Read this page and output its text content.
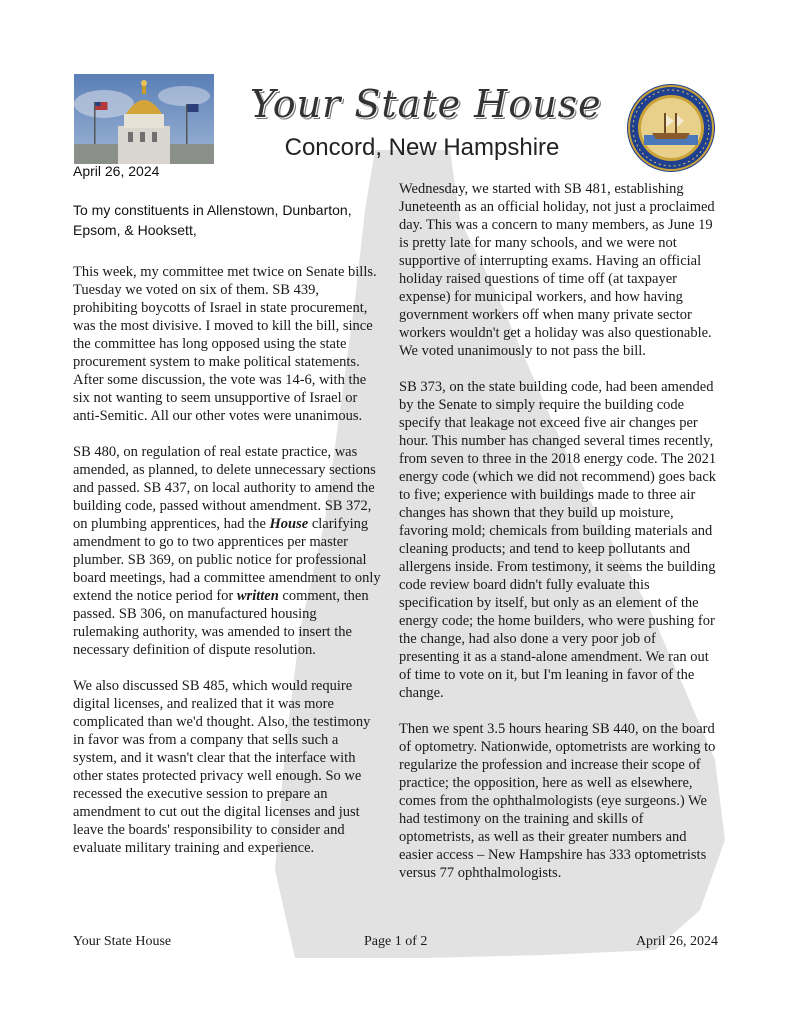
Your State House
Concord, New Hampshire
April 26, 2024
To my constituents in Allenstown, Dunbarton, Epsom, & Hooksett,

This week, my committee met twice on Senate bills. Tuesday we voted on six of them. SB 439, prohibiting boycotts of Israel in state procurement, was the most divisive. I moved to kill the bill, since the committee has long opposed using the state procurement system to make political statements. After some discussion, the vote was 14-6, with the six not wanting to seem unsupportive of Israel or anti-Semitic. All our other votes were unanimous.

SB 480, on regulation of real estate practice, was amended, as planned, to delete unnecessary sections and passed. SB 437, on local authority to amend the building code, passed without amendment. SB 372, on plumbing apprentices, had the House clarifying amendment to go to two apprentices per master plumber. SB 369, on public notice for professional board meetings, had a committee amendment to only extend the notice period for written comment, then passed. SB 306, on manufactured housing rulemaking authority, was amended to insert the necessary definition of dispute resolution.

We also discussed SB 485, which would require digital licenses, and realized that it was more complicated than we'd thought. Also, the testimony in favor was from a company that sells such a system, and it wasn't clear that the interface with other states protected privacy well enough. So we recessed the executive session to prepare an amendment to cut out the digital licenses and just leave the boards' responsibility to consider and evaluate military training and experience.

Wednesday, we started with SB 481, establishing Juneteenth as an official holiday, not just a proclaimed day. This was a concern to many members, as June 19 is pretty late for many schools, and we were not supportive of interrupting exams. Having an official holiday raised questions of time off (at taxpayer expense) for municipal workers, and how having government workers off when many private sector workers wouldn't get a holiday was also questionable. We voted unanimously to not pass the bill.

SB 373, on the state building code, had been amended by the Senate to simply require the building code specify that leakage not exceed five air changes per hour. This number has changed several times recently, from seven to three in the 2018 energy code. The 2021 energy code (which we did not recommend) goes back to five; experience with buildings made to three air changes has shown that they build up moisture, favoring mold; chemicals from building materials and cleaning products; and tend to keep pollutants and allergens inside. From testimony, it seems the building code review board didn't fully evaluate this specification by itself, but only as an element of the energy code; the home builders, who were pushing for the change, had also done a very poor job of presenting it as a stand-alone amendment. We ran out of time to vote on it, but I'm leaning in favor of the change.

Then we spent 3.5 hours hearing SB 440, on the board of optometry. Nationwide, optometrists are working to regularize the profession and increase their scope of practice; the opposition, here as well as elsewhere, comes from the ophthalmologists (eye surgeons.) We had testimony on the training and skills of optometrists, as well as their greater numbers and easier access – New Hampshire has 333 optometrists versus 77 ophthalmologists.

Your State House	Page 1 of 2	April 26, 2024
